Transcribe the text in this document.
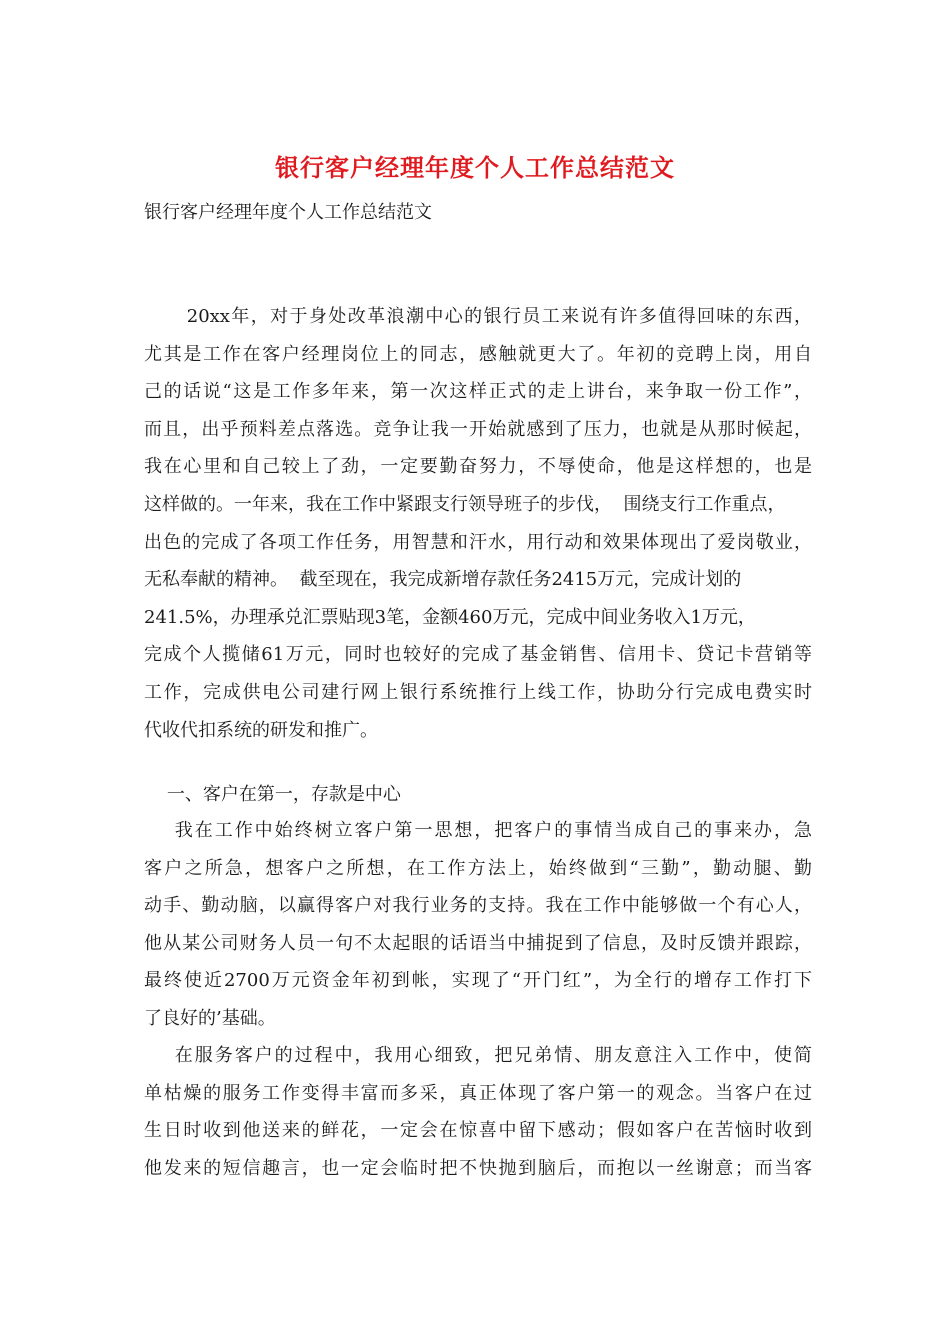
银行客户经理年度个人工作总结范文
银行客户经理年度个人工作总结范文
20xx年，对于身处改革浪潮中心的银行员工来说有许多值得回味的东西，
尤其是工作在客户经理岗位上的同志，感触就更大了。年初的竞聘上岗，用自
己的话说“这是工作多年来，第一次这样正式的走上讲台，来争取一份工作”，
而且，出乎预料差点落选。竞争让我一开始就感到了压力，也就是从那时候起，
我在心里和自己较上了劲，一定要勤奋努力，不辱使命，他是这样想的，也是
这样做的。一年来，我在工作中紧跟支行领导班子的步伐，  围绕支行工作重点，
出色的完成了各项工作任务，用智慧和汗水，用行动和效果体现出了爱岗敬业，
无私奉献的精神。  截至现在，我完成新增存款任务2415万元，完成计划的
241.5%，办理承兑汇票贴现3笔，金额460万元，完成中间业务收入1万元，
完成个人揽储61万元，同时也较好的完成了基金销售、信用卡、贷记卡营销等
工作，完成供电公司建行网上银行系统推行上线工作，协助分行完成电费实时
代收代扣系统的研发和推广。
一、客户在第一，存款是中心
我在工作中始终树立客户第一思想，把客户的事情当成自己的事来办，急
客户之所急，想客户之所想，在工作方法上，始终做到“三勤”，勤动腿、勤
动手、勤动脑，以赢得客户对我行业务的支持。我在工作中能够做一个有心人，
他从某公司财务人员一句不太起眼的话语当中捕捉到了信息，及时反馈并跟踪，
最终使近2700万元资金年初到帐，实现了“开门红”，为全行的增存工作打下
了良好的’基础。
在服务客户的过程中，我用心细致，把兄弟情、朋友意注入工作中，使简
单枯燥的服务工作变得丰富而多采，真正体现了客户第一的观念。当客户在过
生日时收到他送来的鲜花，一定会在惊喜中留下感动；假如客户在苦恼时收到
他发来的短信趣言，也一定会临时把不快抛到脑后，而抱以一丝谢意；而当客
